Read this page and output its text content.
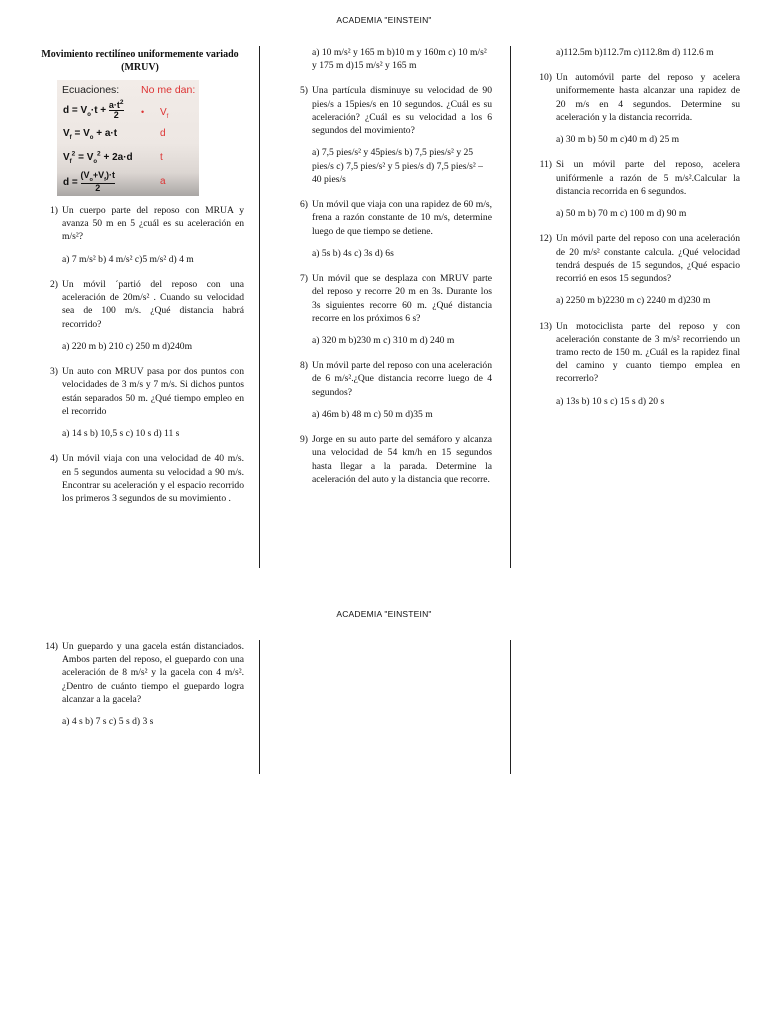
ACADEMIA "EINSTEIN"
Movimiento rectilíneo uniformemente variado
(MRUV)
Ecuaciones: No me dan:
$d = V_o\cdot t + \frac{a\cdot t^2}{2}$ • $V_f$
$V_f = V_o + a\cdot t$	d
$V_f^2 = V_o^2 + 2a\cdot d$	t
$d = \frac{(V_o+V_f)\cdot t}{2}$	a
1) Un cuerpo parte del reposo con MRUA y avanza 50 m en 5 ¿cuál es su aceleración en m/s²?
a) 7 m/s² b) 4 m/s² c)5 m/s² d) 4 m
2) Un móvil ´partió del reposo con una aceleración de 20m/s² . Cuando su velocidad sea de 100 m/s. ¿Qué distancia habrá recorrido?
a) 220 m b) 210 c) 250 m d)240m
3) Un auto con MRUV pasa por dos puntos con velocidades de 3 m/s y 7 m/s. Si dichos puntos están separados 50 m. ¿Qué tiempo empleo en el recorrido
a) 14 s b) 10,5 s c) 10 s d) 11 s
4) Un móvil viaja con una velocidad de 40 m/s. en 5 segundos aumenta su velocidad a 90 m/s. Encontrar su aceleración y el espacio recorrido los primeros 3 segundos de su movimiento .
a) 10 m/s² y 165 m b)10 m y 160m c) 10 m/s² y 175 m d)15 m/s² y 165 m
5) Una partícula disminuye su velocidad de 90 pies/s a 15pies/s en 10 segundos. ¿Cuál es su aceleración? ¿Cuál es su velocidad a los 6 segundos del movimiento?
a) 7,5 pies/s² y 45pies/s b) 7,5 pies/s² y 25 pies/s c) 7,5 pies/s² y 5 pies/s d) 7,5 pies/s² – 40 pies/s
6) Un móvil que viaja con una rapidez de 60 m/s, frena a razón constante de 10 m/s, determine luego de que tiempo se detiene.
a) 5s b) 4s c) 3s d) 6s
7) Un móvil que se desplaza con MRUV parte del reposo y recorre 20 m en 3s. Durante los 3s siguientes recorre 60 m. ¿Qué distancia recorre en los próximos 6 s?
a) 320 m b)230 m c) 310 m d) 240 m
8) Un móvil parte del reposo con una aceleración de 6 m/s².¿Que distancia recorre luego de 4 segundos?
a) 46m b) 48 m c) 50 m d)35 m
9) Jorge en su auto parte del semáforo y alcanza una velocidad de 54 km/h en 15 segundos hasta llegar a la parada. Determine la aceleración del auto y la distancia que recorre.
a)112.5m b)112.7m c)112.8m d) 112.6 m
10) Un automóvil parte del reposo y acelera uniformemente hasta alcanzar una rapidez de 20 m/s en 4 segundos. Determine su aceleración y la distancia recorrida.
a) 30 m b) 50 m c)40 m d) 25 m
11) Si un móvil parte del reposo, acelera unifórmenle a razón de 5 m/s².Calcular la distancia recorrida en 6 segundos.
a) 50 m b) 70 m c) 100 m d) 90 m
12) Un móvil parte del reposo con una aceleración de 20 m/s² constante calcula. ¿Qué velocidad tendrá después de 15 segundos, ¿Qué espacio recorrió en esos 15 segundos?
a) 2250 m b)2230 m c) 2240 m d)230 m
13) Un motociclista parte del reposo y con aceleración constante de 3 m/s² recorriendo un tramo recto de 150 m. ¿Cuál es la rapidez final del camino y cuanto tiempo emplea en recorrerlo?
a) 13s b) 10 s c) 15 s d) 20 s
ACADEMIA "EINSTEIN"
14) Un guepardo y una gacela están distanciados. Ambos parten del reposo, el guepardo con una aceleración de 8 m/s² y la gacela con 4 m/s².¿Dentro de cuánto tiempo el guepardo logra alcanzar a la gacela?
a) 4 s b) 7 s c) 5 s d) 3 s
